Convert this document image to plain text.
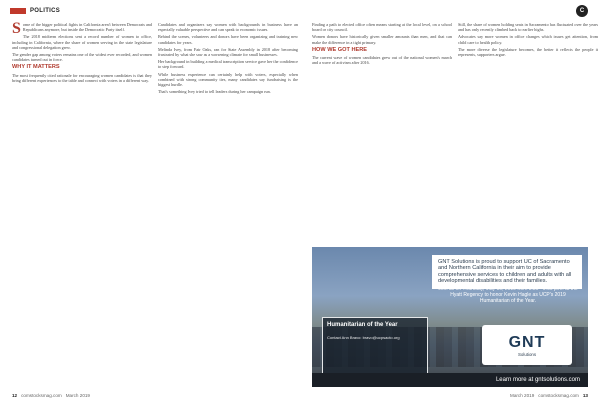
POLITICS	C

Some of the bigger political fights in California aren't between Democrats and Republicans anymore, but inside the Democratic Party itself.

The 2018 midterm elections sent a record number of women to office, including in California, where the share of women serving in the state legislature and congressional delegation grew.

The gender gap among voters remains one of the widest ever recorded, and women candidates turned out in force.

WHY IT MATTERS

The most frequently cited rationale for encouraging women candidates is that they bring different experiences to the table and connect with voters in a different way.

Candidates and organizers say women with backgrounds in business have an especially valuable perspective and can speak to economic issues.

Behind the scenes, volunteers and donors have been organizing and training new candidates for years.

Melinda Ivey, from Fair Oaks, ran for State Assembly in 2018 after becoming frustrated by what she saw as a worsening climate for small businesses.

Her background in building a medical transcription service gave her the confidence to step forward.

While business experience can certainly help with voters, especially when combined with strong community ties, many candidates say fundraising is the biggest hurdle.

That's something Ivey tried to tell leaders during her campaign run.

Finding a path to elected office often means starting at the local level, on a school board or city council.

Women donors have historically given smaller amounts than men, and that can make the difference in a tight primary.

HOW WE GOT HERE

The current wave of women candidates grew out of the national women's march and a wave of activism after 2016.

Still, the share of women holding seats in Sacramento has fluctuated over the years and has only recently climbed back to earlier highs.

Advocates say more women in office changes which issues get attention, from child care to health policy.

The more diverse the legislature becomes, the better it reflects the people it represents, supporters argue.

GNT Solutions is proud to support UC of Sacramento and Northern California in their aim to provide comprehensive services to children and adults with all developmental disabilities and their families.
Join us on Thursday, May 16, 2019 from 5:30 - 9:00 p.m. at the Hyatt Regency to honor Kevin Hagle as UCP's 2019 Humanitarian of the Year.
Humanitarian of the Year
Contact Ann Bravo: bravo@ucpsacto.org	GNT
Solutions
Learn more at gntsolutions.com
12 comstocksmag.com March 2019	March 2019 comstocksmag.com 13
